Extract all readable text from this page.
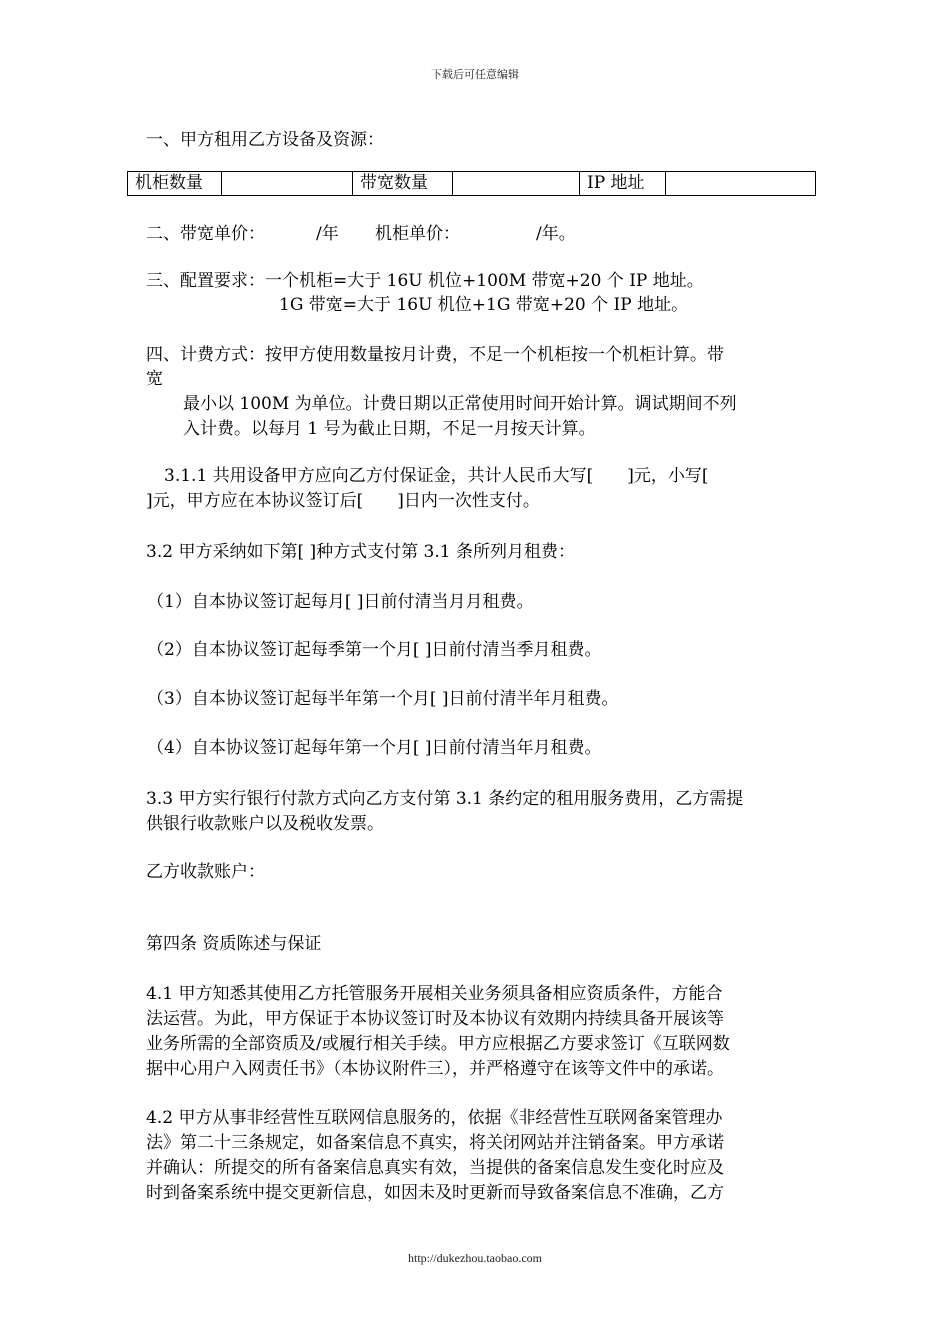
下载后可任意编辑

一、甲方租用乙方设备及资源：

机柜数量		带宽数量		IP 地址	
二、带宽单价：	/年 机柜单价：	/年。

三、配置要求：一个机柜=大于 16U 机位+100M 带宽+20 个 IP 地址。

1G 带宽=大于 16U 机位+1G 带宽+20 个 IP 地址。

四、计费方式：按甲方使用数量按月计费，不足一个机柜按一个机柜计算。带

宽

最小以 100M 为单位。计费日期以正常使用时间开始计算。调试期间不列

入计费。以每月 1 号为截止日期，不足一月按天计算。

3.1.1 共用设备甲方应向乙方付保证金，共计人民币大写[　　]元，小写[

]元，甲方应在本协议签订后[　　]日内一次性支付。

3.2 甲方采纳如下第[ ]种方式支付第 3.1 条所列月租费：

（1）自本协议签订起每月[ ]日前付清当月月租费。

（2）自本协议签订起每季第一个月[ ]日前付清当季月租费。

（3）自本协议签订起每半年第一个月[ ]日前付清半年月租费。

（4）自本协议签订起每年第一个月[ ]日前付清当年月租费。

3.3 甲方实行银行付款方式向乙方支付第 3.1 条约定的租用服务费用，乙方需提

供银行收款账户以及税收发票。

乙方收款账户：

第四条 资质陈述与保证

4.1 甲方知悉其使用乙方托管服务开展相关业务须具备相应资质条件，方能合

法运营。为此，甲方保证于本协议签订时及本协议有效期内持续具备开展该等

业务所需的全部资质及/或履行相关手续。甲方应根据乙方要求签订《互联网数

据中心用户入网责任书》（本协议附件三），并严格遵守在该等文件中的承诺。

4.2 甲方从事非经营性互联网信息服务的，依据《非经营性互联网备案管理办

法》第二十三条规定，如备案信息不真实，将关闭网站并注销备案。甲方承诺

并确认：所提交的所有备案信息真实有效，当提供的备案信息发生变化时应及

时到备案系统中提交更新信息，如因未及时更新而导致备案信息不准确，乙方

http://dukezhou.taobao.com
